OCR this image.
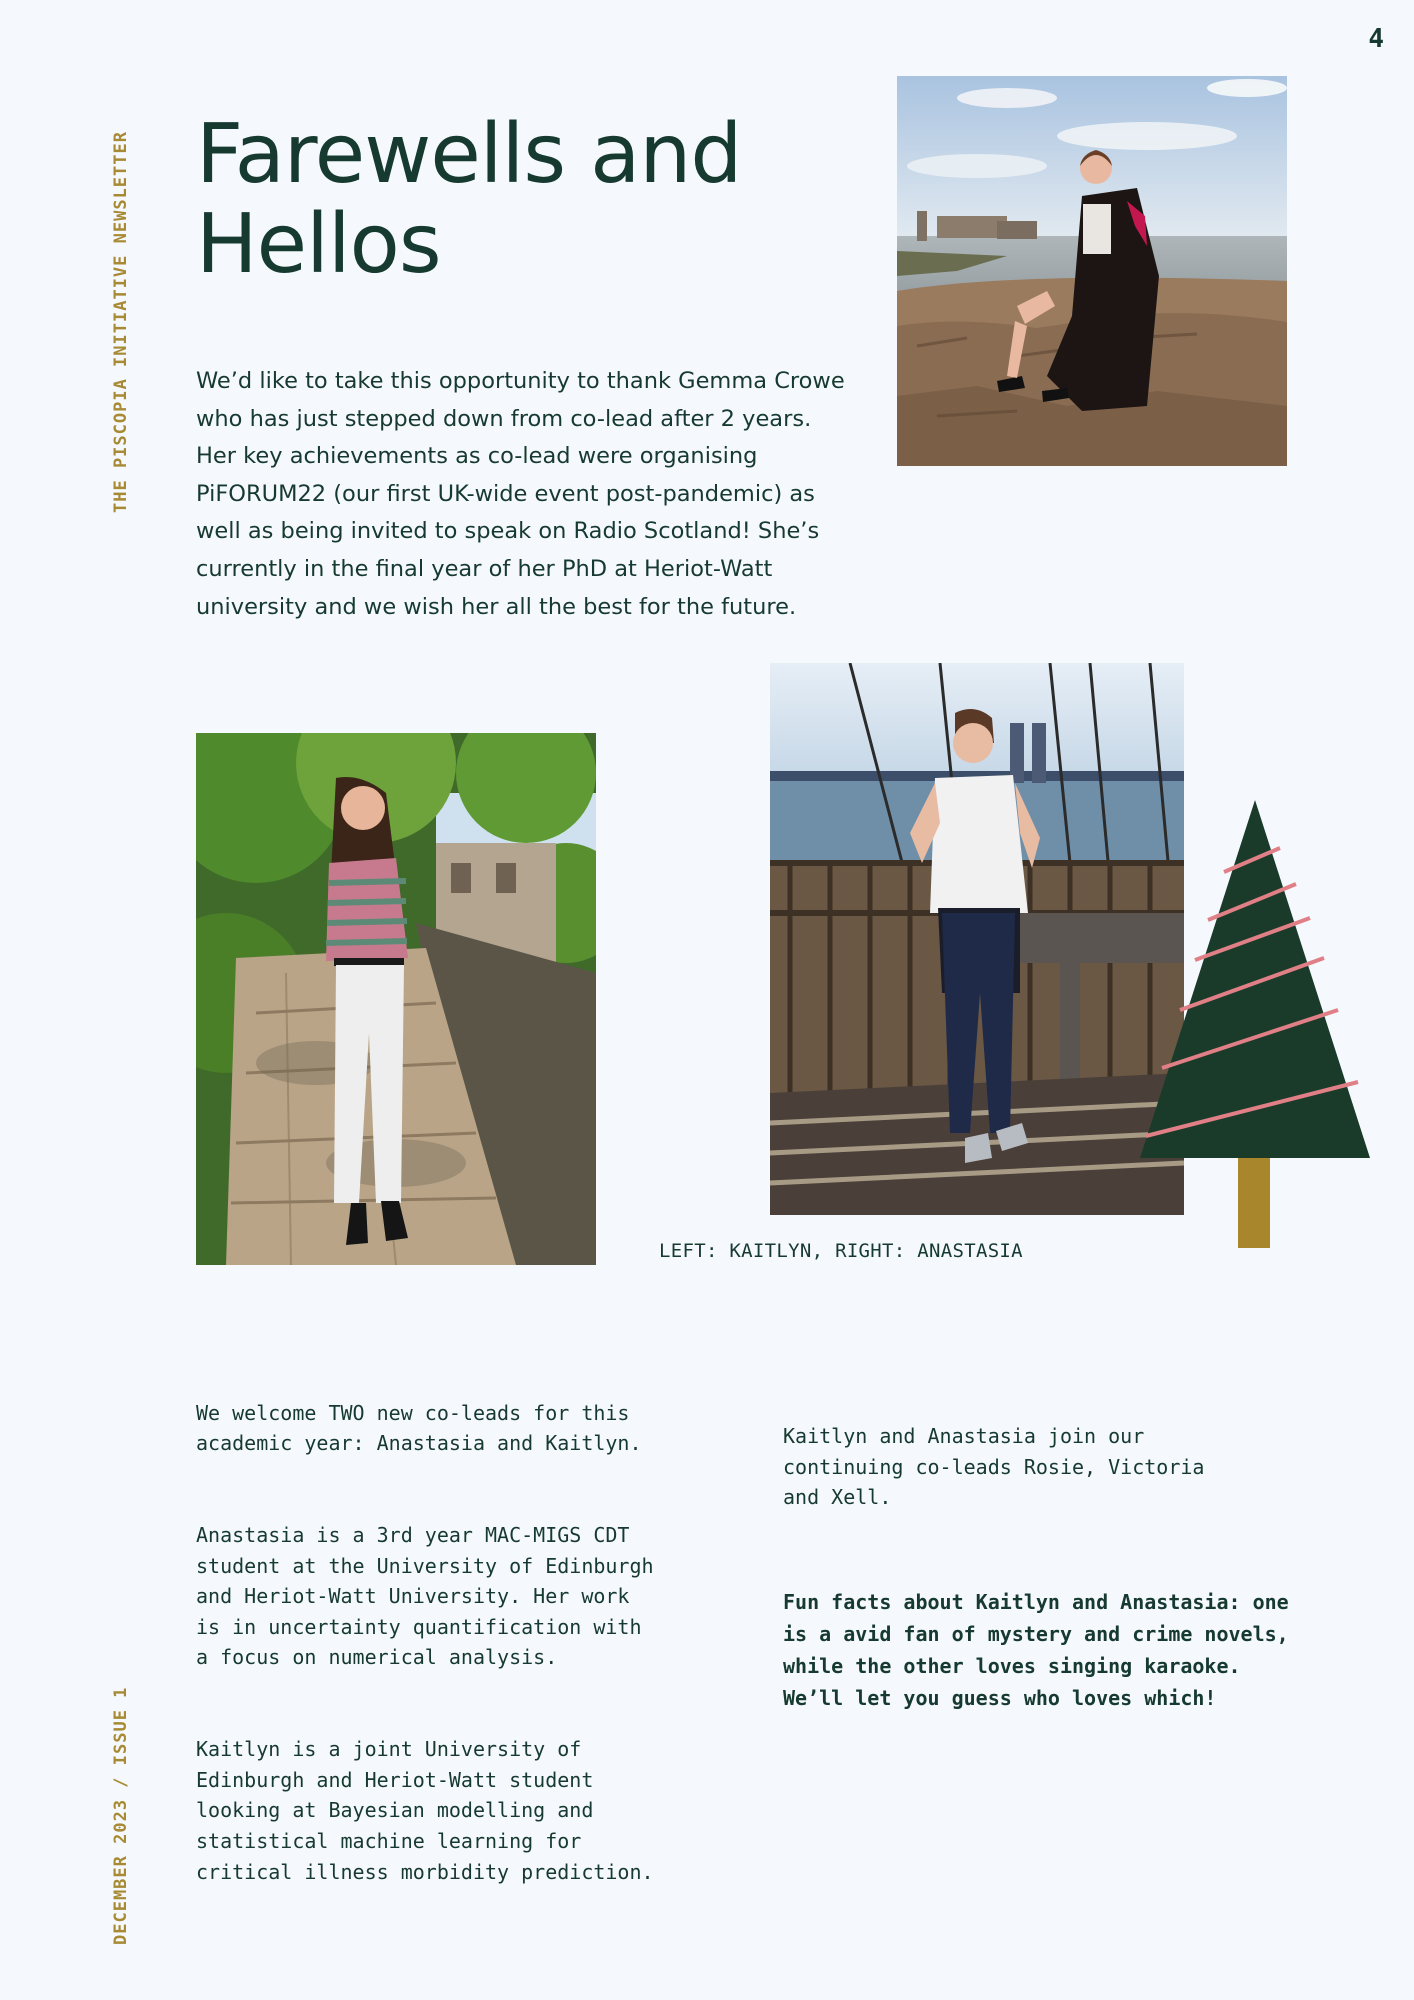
4
THE PISCOPIA INITIATIVE NEWSLETTER
DECEMBER 2023 / ISSUE 1
Farewells and
Hellos

We’d like to take this opportunity to thank Gemma Crowe who has just stepped down from co-lead after 2 years. Her key achievements as co-lead were organising PiFORUM22 (our first UK-wide event post-pandemic) as well as being invited to speak on Radio Scotland! She’s currently in the final year of her PhD at Heriot-Watt university and we wish her all the best for the future.

LEFT: KAITLYN, RIGHT: ANASTASIA

We welcome TWO new co-leads for this
academic year: Anastasia and Kaitlyn.

Anastasia is a 3rd year MAC-MIGS CDT
student at the University of Edinburgh
and Heriot-Watt University. Her work
is in uncertainty quantification with
a focus on numerical analysis.

Kaitlyn is a joint University of
Edinburgh and Heriot-Watt student
looking at Bayesian modelling and
statistical machine learning for
critical illness morbidity prediction.

Kaitlyn and Anastasia join our
continuing co-leads Rosie, Victoria
and Xell.

Fun facts about Kaitlyn and Anastasia: one is a avid fan of mystery and crime novels, while the other loves singing karaoke. We’ll let you guess who loves which!
